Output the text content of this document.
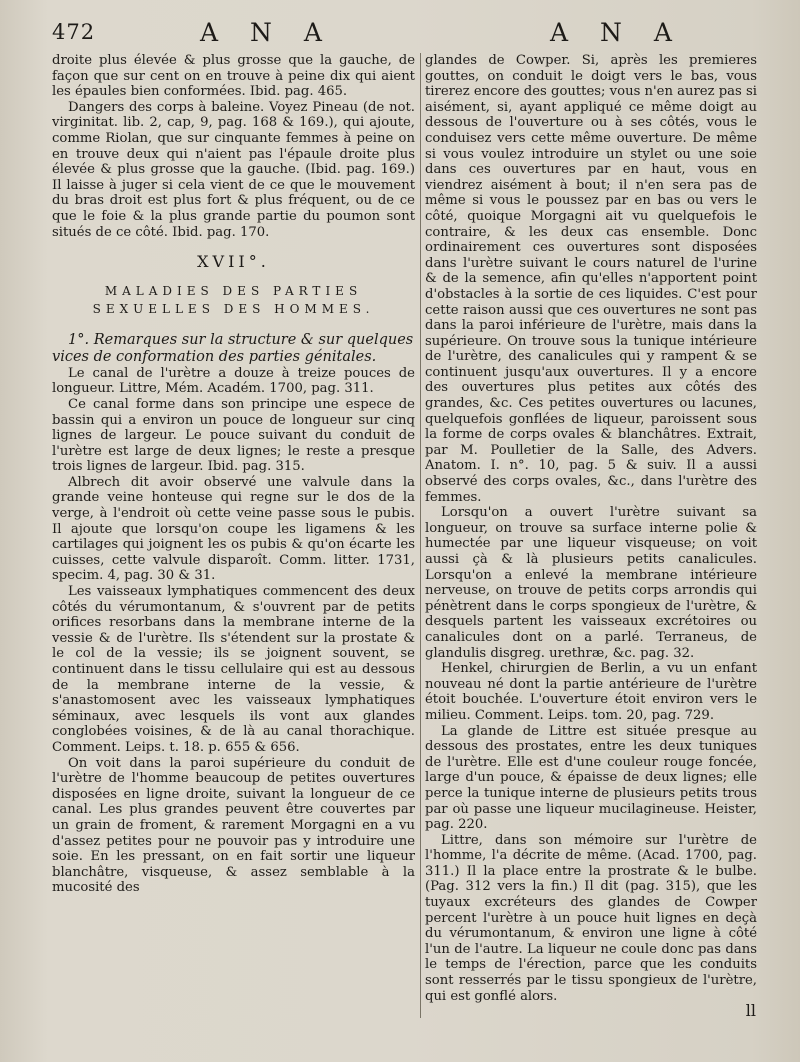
472	A N A	A N A

droite plus élevée & plus grosse que la gauche, de façon que sur cent on en trouve à peine dix qui aient les épaules bien conformées. Ibid. pag. 465.

Dangers des corps à baleine. Voyez Pineau (de not. virginitat. lib. 2, cap, 9, pag. 168 & 169.), qui ajoute, comme Riolan, que sur cinquante femmes à peine on en trouve deux qui n'aient pas l'épaule droite plus élevée & plus grosse que la gauche. (Ibid. pag. 169.) Il laisse à juger si cela vient de ce que le mouvement du bras droit est plus fort & plus fréquent, ou de ce que le foie & la plus grande partie du poumon sont situés de ce côté. Ibid. pag. 170.

XVII°.
MALADIES DES PARTIES SEXUELLES DES HOMMES.

1°. Remarques sur la structure & sur quelques vices de conformation des parties génitales.

Le canal de l'urètre a douze à treize pouces de longueur. Littre, Mém. Académ. 1700, pag. 311.

Ce canal forme dans son principe une espece de bassin qui a environ un pouce de longueur sur cinq lignes de largeur. Le pouce suivant du conduit de l'urètre est large de deux lignes; le reste a presque trois lignes de largeur. Ibid. pag. 315.

Albrech dit avoir observé une valvule dans la grande veine honteuse qui regne sur le dos de la verge, à l'endroit où cette veine passe sous le pubis. Il ajoute que lorsqu'on coupe les ligamens & les cartilages qui joignent les os pubis & qu'on écarte les cuisses, cette valvule disparoît. Comm. litter. 1731, specim. 4, pag. 30 & 31.

Les vaisseaux lymphatiques commencent des deux côtés du vérumontanum, & s'ouvrent par de petits orifices resorbans dans la membrane interne de la vessie & de l'urètre. Ils s'étendent sur la prostate & le col de la vessie; ils se joignent souvent, se continuent dans le tissu cellulaire qui est au dessous de la membrane interne de la vessie, & s'anastomosent avec les vaisseaux lymphatiques séminaux, avec lesquels ils vont aux glandes conglobées voisines, & de là au canal thorachique. Comment. Leips. t. 18. p. 655 & 656.

On voit dans la paroi supérieure du conduit de l'urètre de l'homme beaucoup de petites ouvertures disposées en ligne droite, suivant la longueur de ce canal. Les plus grandes peuvent être couvertes par un grain de froment, & rarement Morgagni en a vu d'assez petites pour ne pouvoir pas y introduire une soie. En les pressant, on en fait sortir une liqueur blanchâtre, visqueuse, & assez semblable à la mucosité des

glandes de Cowper. Si, après les premieres gouttes, on conduit le doigt vers le bas, vous tirerez encore des gouttes; vous n'en aurez pas si aisément, si, ayant appliqué ce même doigt au dessous de l'ouverture ou à ses côtés, vous le conduisez vers cette même ouverture. De même si vous voulez introduire un stylet ou une soie dans ces ouvertures par en haut, vous en viendrez aisément à bout; il n'en sera pas de même si vous le poussez par en bas ou vers le côté, quoique Morgagni ait vu quelquefois le contraire, & les deux cas ensemble. Donc ordinairement ces ouvertures sont disposées dans l'urètre suivant le cours naturel de l'urine & de la semence, afin qu'elles n'apportent point d'obstacles à la sortie de ces liquides. C'est pour cette raison aussi que ces ouvertures ne sont pas dans la paroi inférieure de l'urètre, mais dans la supérieure. On trouve sous la tunique intérieure de l'urètre, des canalicules qui y rampent & se continuent jusqu'aux ouvertures. Il y a encore des ouvertures plus petites aux côtés des grandes, &c. Ces petites ouvertures ou lacunes, quelquefois gonflées de liqueur, paroissent sous la forme de corps ovales & blanchâtres. Extrait, par M. Poulletier de la Salle, des Advers. Anatom. I. n°. 10, pag. 5 & suiv. Il a aussi observé des corps ovales, &c., dans l'urètre des femmes.

Lorsqu'on a ouvert l'urètre suivant sa longueur, on trouve sa surface interne polie & humectée par une liqueur visqueuse; on voit aussi çà & là plusieurs petits canalicules. Lorsqu'on a enlevé la membrane intérieure nerveuse, on trouve de petits corps arrondis qui pénètrent dans le corps spongieux de l'urètre, & desquels partent les vaisseaux excrétoires ou canalicules dont on a parlé. Terraneus, de glandulis disgreg. urethræ, &c. pag. 32.

Henkel, chirurgien de Berlin, a vu un enfant nouveau né dont la partie antérieure de l'urètre étoit bouchée. L'ouverture étoit environ vers le milieu. Comment. Leips. tom. 20, pag. 729.

La glande de Littre est située presque au dessous des prostates, entre les deux tuniques de l'urètre. Elle est d'une couleur rouge foncée, large d'un pouce, & épaisse de deux lignes; elle perce la tunique interne de plusieurs petits trous par où passe une liqueur mucilagineuse. Heister, pag. 220.

Littre, dans son mémoire sur l'urètre de l'homme, l'a décrite de même. (Acad. 1700, pag. 311.) Il la place entre la prostrate & le bulbe. (Pag. 312 vers la fin.) Il dit (pag. 315), que les tuyaux excréteurs des glandes de Cowper percent l'urètre à un pouce huit lignes en deçà du vérumontanum, & environ une ligne à côté l'un de l'autre. La liqueur ne coule donc pas dans le temps de l'érection, parce que les conduits sont resserrés par le tissu spongieux de l'urètre, qui est gonflé alors.

ll
